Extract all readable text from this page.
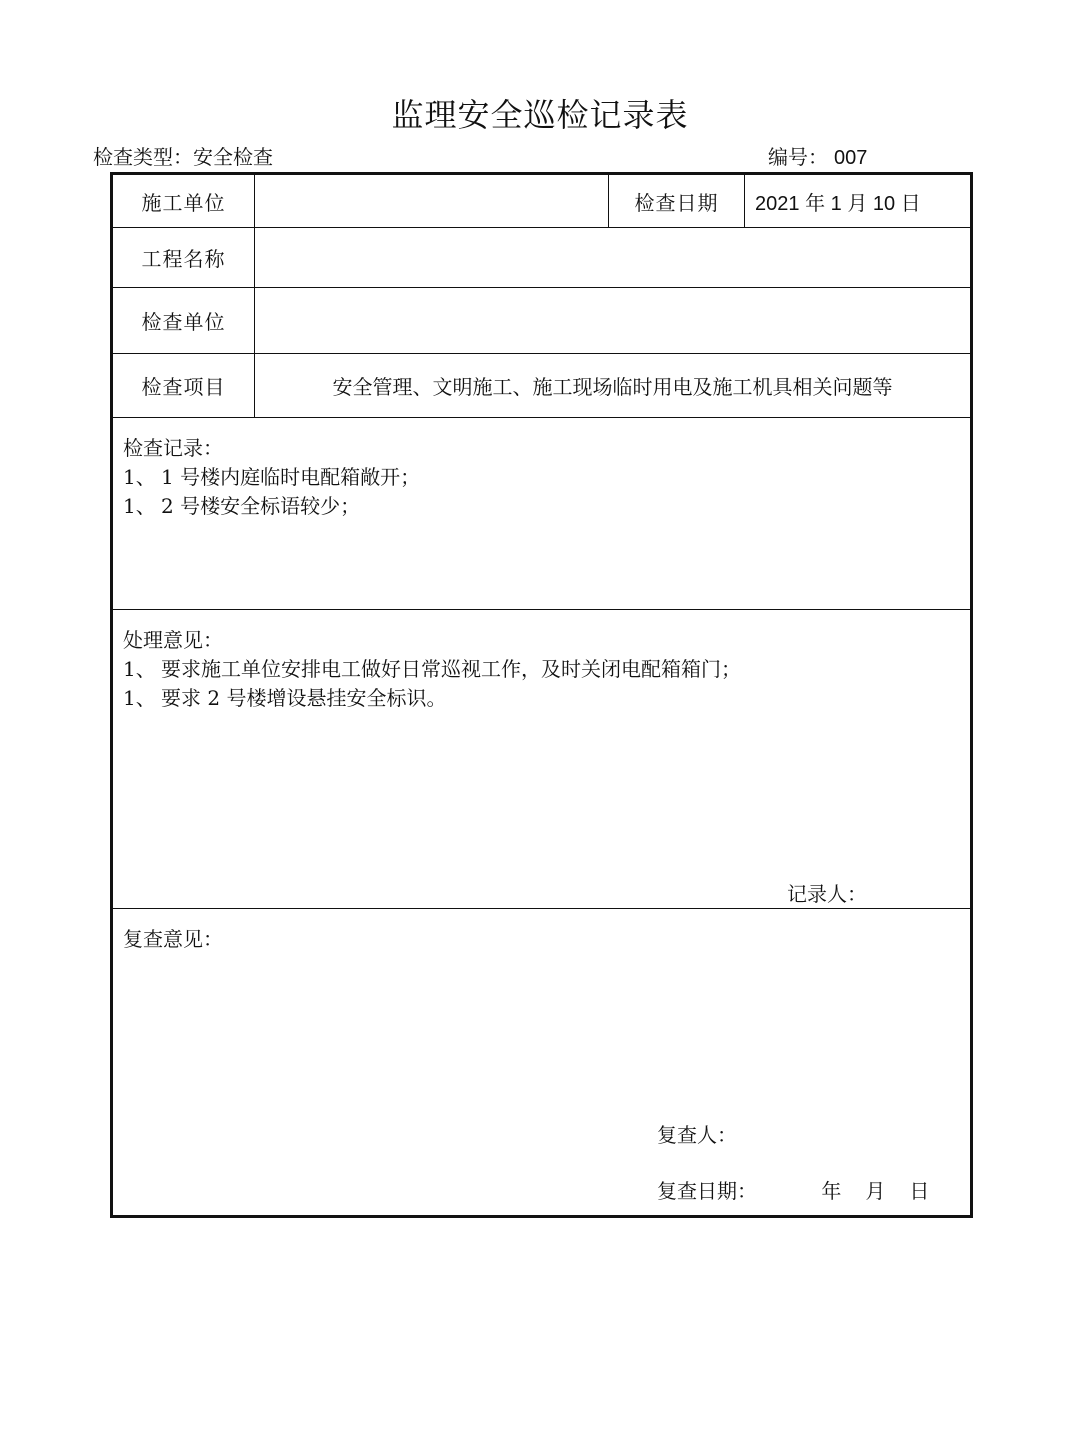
监理安全巡检记录表
检查类型：安全检查	编号： 007
施工单位		检查日期	2021 年 1 月 10 日
工程名称			
检查单位			
检查项目	安全管理、文明施工、施工现场临时用电及施工机具相关问题等		

检查记录：
1、 1 号楼内庭临时电配箱敞开；
1、 2 号楼安全标语较少；			

处理意见：
1、 要求施工单位安排电工做好日常巡视工作，及时关闭电配箱箱门；
1、 要求 2 号楼增设悬挂安全标识。
记录人：			

复查意见：
复查人：
复查日期： 年 月 日			
